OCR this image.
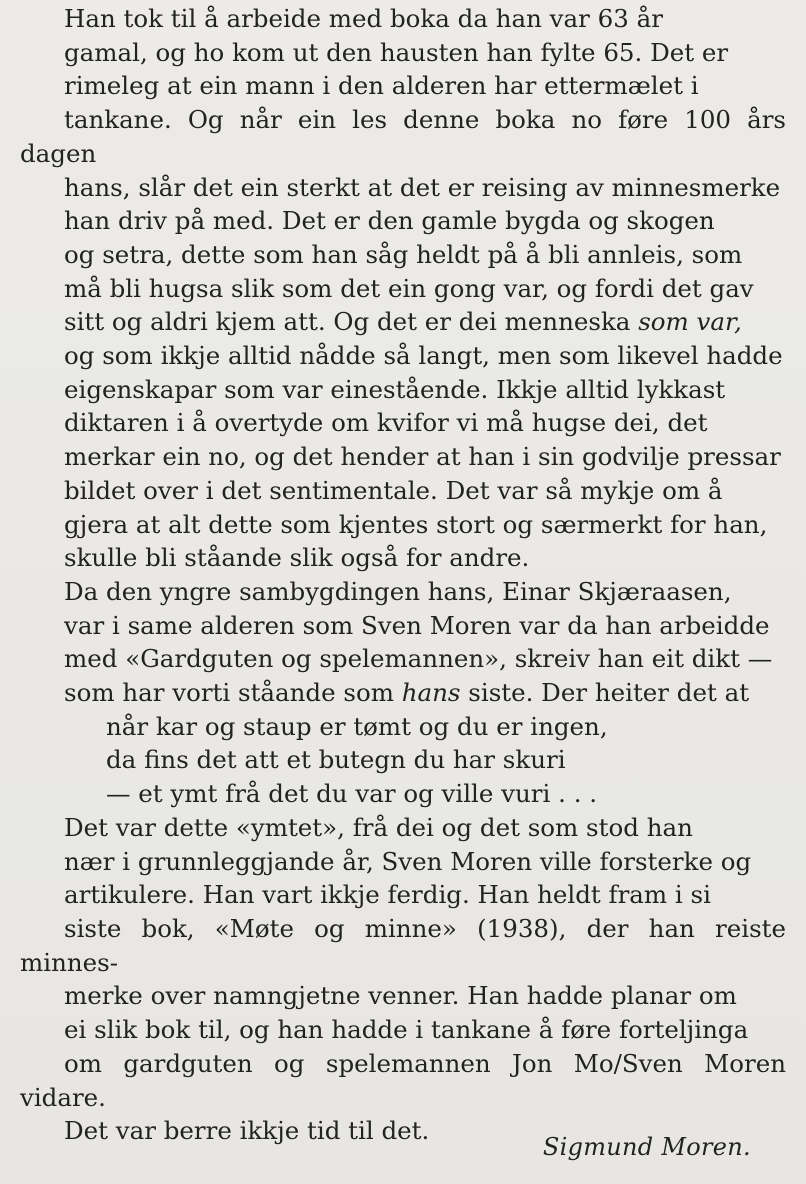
Han tok til å arbeide med boka da han var 63 år
gamal, og ho kom ut den hausten han fylte 65. Det er
rimeleg at ein mann i den alderen har ettermælet i
tankane. Og når ein les denne boka no føre 100 års dagen
hans, slår det ein sterkt at det er reising av minnesmerke
han driv på med. Det er den gamle bygda og skogen
og setra, dette som han såg heldt på å bli annleis, som
må bli hugsa slik som det ein gong var, og fordi det gav
sitt og aldri kjem att. Og det er dei menneska som var,
og som ikkje alltid nådde så langt, men som likevel hadde
eigenskapar som var einestående. Ikkje alltid lykkast
diktaren i å overtyde om kvifor vi må hugse dei, det
merkar ein no, og det hender at han i sin godvilje pressar
bildet over i det sentimentale. Det var så mykje om å
gjera at alt dette som kjentes stort og særmerkt for han,
skulle bli ståande slik også for andre.

Da den yngre sambygdingen hans, Einar Skjæraasen,
var i same alderen som Sven Moren var da han arbeidde
med «Gardguten og spelemannen», skreiv han eit dikt —
som har vorti ståande som hans siste. Der heiter det at

når kar og staup er tømt og du er ingen,
da fins det att et butegn du har skuri
— et ymt frå det du var og ville vuri . . .

Det var dette «ymtet», frå dei og det som stod han
nær i grunnleggjande år, Sven Moren ville forsterke og
artikulere. Han vart ikkje ferdig. Han heldt fram i si
siste bok, «Møte og minne» (1938), der han reiste minnes-
merke over namngjetne venner. Han hadde planar om
ei slik bok til, og han hadde i tankane å føre forteljinga
om gardguten og spelemannen Jon Mo/Sven Moren vidare.
Det var berre ikkje tid til det.

Sigmund Moren.
